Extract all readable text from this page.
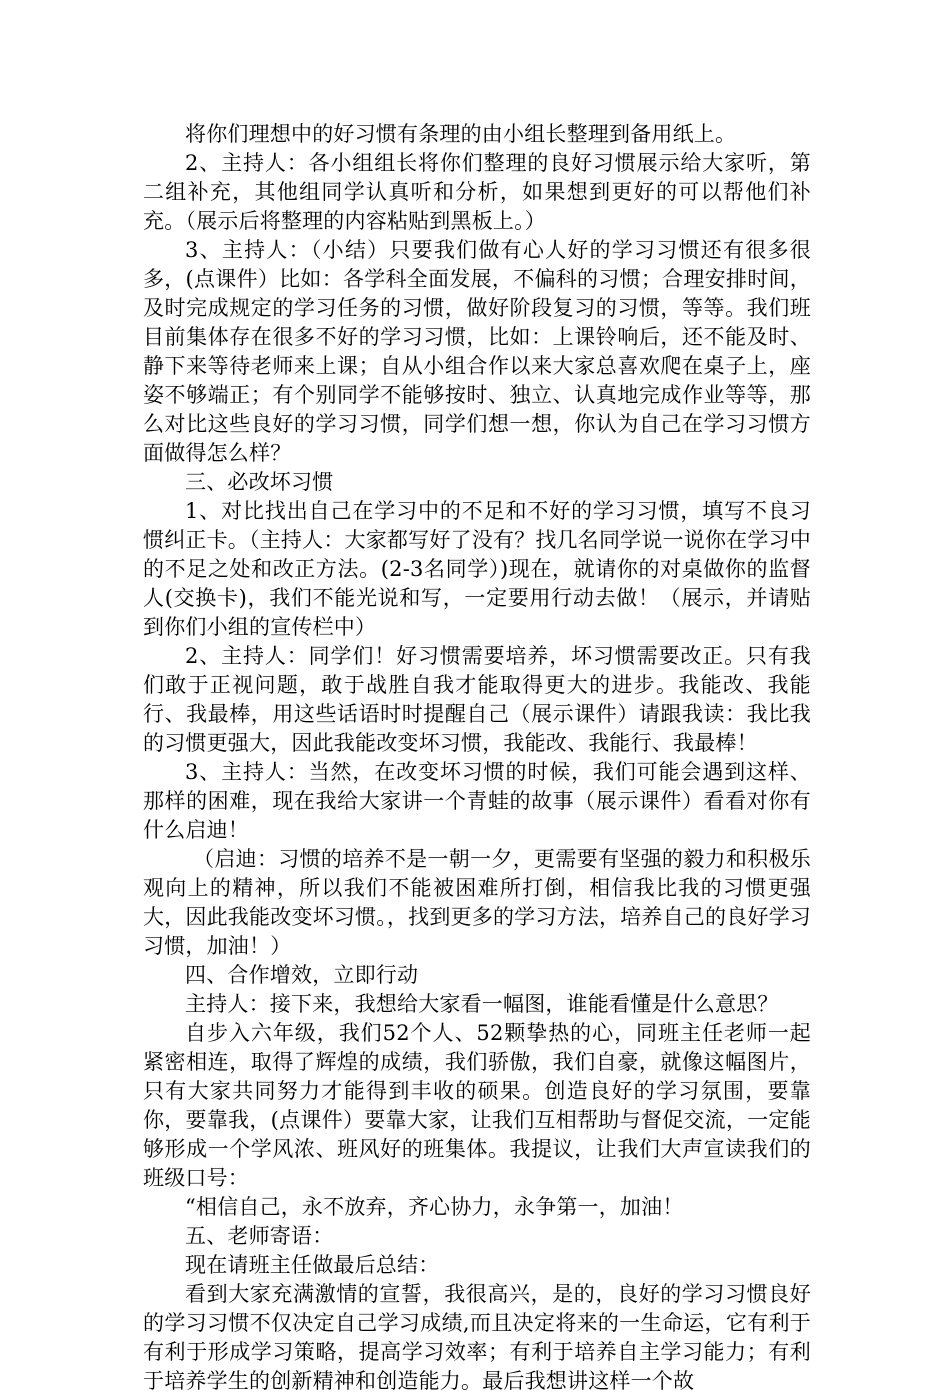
将你们理想中的好习惯有条理的由小组长整理到备用纸上。

2、主持人：各小组组长将你们整理的良好习惯展示给大家听，第二组补充，其他组同学认真听和分析，如果想到更好的可以帮他们补充。（展示后将整理的内容粘贴到黑板上。）

3、主持人：（小结）只要我们做有心人好的学习习惯还有很多很多，(点课件）比如：各学科全面发展，不偏科的习惯；合理安排时间，及时完成规定的学习任务的习惯，做好阶段复习的习惯，等等。我们班目前集体存在很多不好的学习习惯，比如：上课铃响后，还不能及时、静下来等待老师来上课；自从小组合作以来大家总喜欢爬在桌子上，座姿不够端正；有个别同学不能够按时、独立、认真地完成作业等等，那么对比这些良好的学习习惯，同学们想一想，你认为自己在学习习惯方面做得怎么样？

三、必改坏习惯

1、对比找出自己在学习中的不足和不好的学习习惯，填写不良习惯纠正卡。（主持人：大家都写好了没有？找几名同学说一说你在学习中的不足之处和改正方法。(2-3名同学）)现在，就请你的对桌做你的监督人(交换卡)，我们不能光说和写，一定要用行动去做！（展示，并请贴到你们小组的宣传栏中）

2、主持人：同学们！好习惯需要培养，坏习惯需要改正。只有我们敢于正视问题，敢于战胜自我才能取得更大的进步。我能改、我能行、我最棒，用这些话语时时提醒自己（展示课件）请跟我读：我比我的习惯更强大，因此我能改变坏习惯，我能改、我能行、我最棒！

3、主持人：当然，在改变坏习惯的时候，我们可能会遇到这样、那样的困难，现在我给大家讲一个青蛙的故事（展示课件）看看对你有什么启迪！

（启迪：习惯的培养不是一朝一夕，更需要有坚强的毅力和积极乐观向上的精神，所以我们不能被困难所打倒，相信我比我的习惯更强大，因此我能改变坏习惯。，找到更多的学习方法，培养自己的良好学习习惯，加油！）

四、合作增效，立即行动

主持人：接下来，我想给大家看一幅图，谁能看懂是什么意思？

自步入六年级，我们52个人、52颗挚热的心，同班主任老师一起紧密相连，取得了辉煌的成绩，我们骄傲，我们自豪，就像这幅图片，只有大家共同努力才能得到丰收的硕果。创造良好的学习氛围，要靠你，要靠我，(点课件）要靠大家，让我们互相帮助与督促交流，一定能够形成一个学风浓、班风好的班集体。我提议，让我们大声宣读我们的班级口号：

“相信自己，永不放弃，齐心协力，永争第一，加油！

五、老师寄语：

现在请班主任做最后总结：

看到大家充满激情的宣誓，我很高兴，是的，良好的学习习惯良好的学习习惯不仅决定自己学习成绩,而且决定将来的一生命运，它有利于有利于形成学习策略，提高学习效率；有利于培养自主学习能力；有利于培养学生的创新精神和创造能力。最后我想讲这样一个故
